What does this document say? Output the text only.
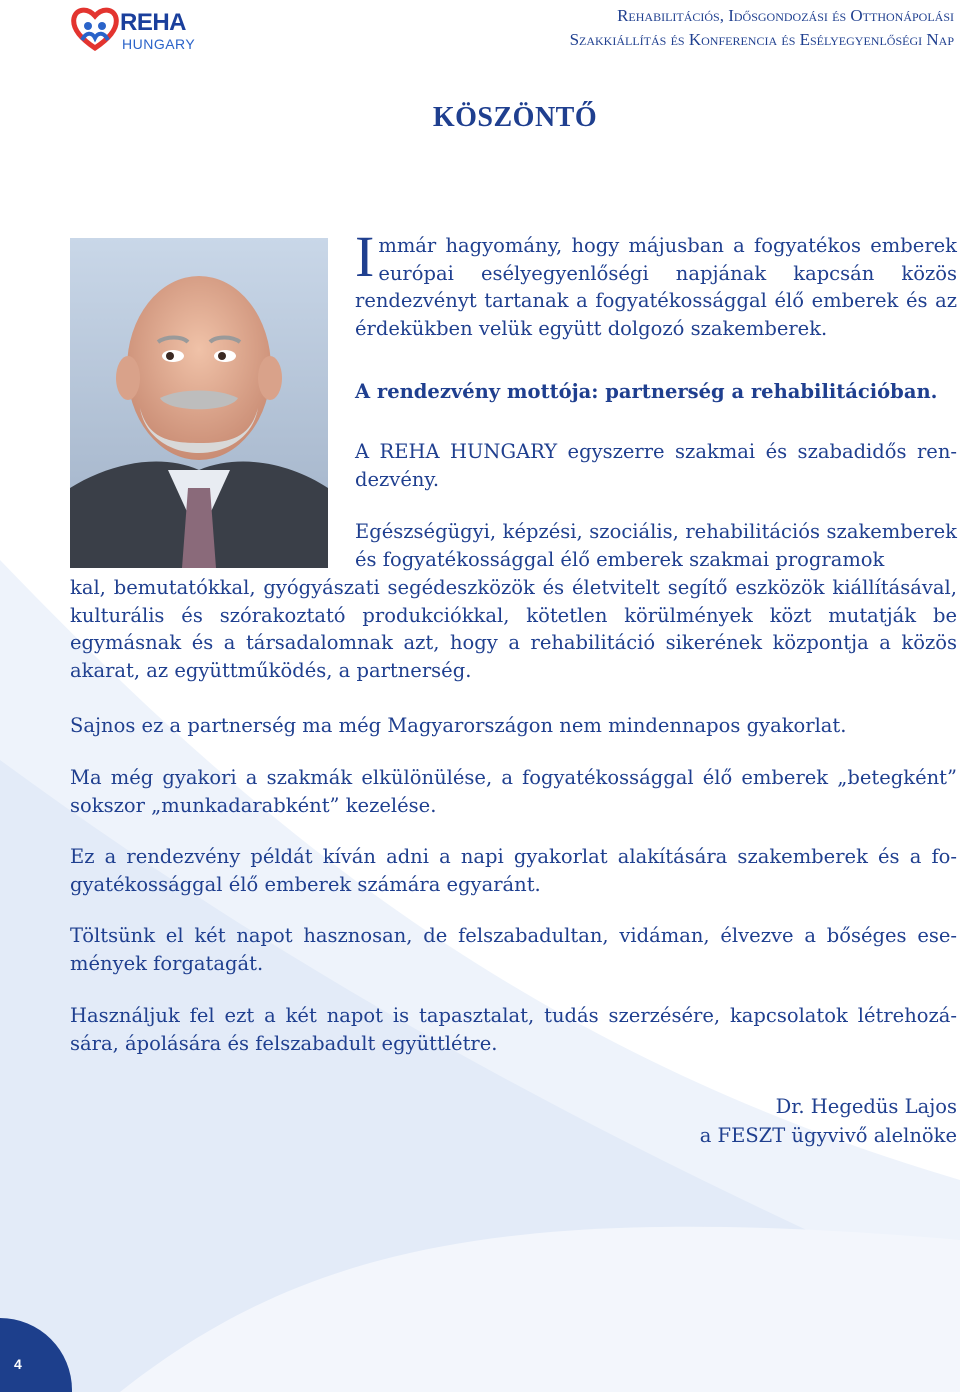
REHA
HUNGARY
Rehabilitációs, Idősgondozási és Otthonápolási
Szakkiállítás és Konferencia és Esélyegyenlőségi Nap
KÖSZÖNTŐ

Immár hagyomány, hogy májusban a fogyatékos emberek európai esélyegyenlőségi napjának kapcsán közös rendezvényt tartanak a fogyatékossággal élő emberek és az érdekükben velük együtt dolgozó szakemberek.

A rendezvény mottója: partnerség a rehabilitációban.

A REHA HUNGARY egyszerre szakmai és szabadidős rendezvény.

Egészségügyi, képzési, szociális, rehabilitációs szakemberek és fogyatékossággal élő emberek szakmai programok

kal, bemutatókkal, gyógyászati segédeszközök és életvitelt segítő eszközök kiállításával, kulturális és szórakoztató produkciókkal, kötetlen körülmények közt mutatják be egymásnak és a társadalomnak azt, hogy a rehabilitáció sikerének központja a közös akarat, az együttműködés, a partnerség.

Sajnos ez a partnerség ma még Magyarországon nem mindennapos gyakorlat.

Ma még gyakori a szakmák elkülönülése, a fogyatékossággal élő emberek „betegként” sokszor „munkadarabként” kezelése.

Ez a rendezvény példát kíván adni a napi gyakorlat alakítására szakemberek és a fogyatékossággal élő emberek számára egyaránt.

Töltsünk el két napot hasznosan, de felszabadultan, vidáman, élvezve a bőséges események forgatagát.

Használjuk fel ezt a két napot is tapasztalat, tudás szerzésére, kapcsolatok létrehozására, ápolására és felszabadult együttlétre.

Dr. Hegedüs Lajos
a FESZT ügyvivő alelnöke
4
